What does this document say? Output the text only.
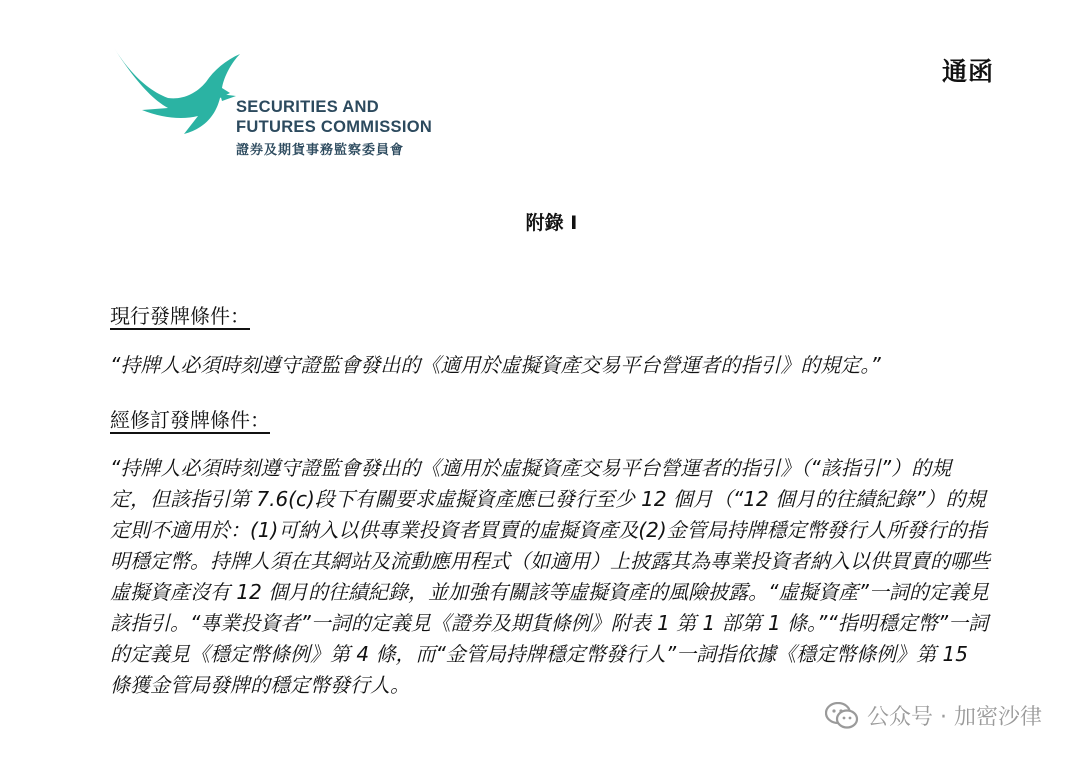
SECURITIES AND
FUTURES COMMISSION
證券及期貨事務監察委員會
通函
附錄 I
現行發牌條件：
“持牌人必須時刻遵守證監會發出的《適用於虛擬資產交易平台營運者的指引》的規定。”
經修訂發牌條件：
“持牌人必須時刻遵守證監會發出的《適用於虛擬資產交易平台營運者的指引》（“該指引”）的規定，但該指引第 7.6(c)段下有關要求虛擬資產應已發行至少 12 個月（“12 個月的往績紀錄”）的規定則不適用於：(1)可納入以供專業投資者買賣的虛擬資產及(2)金管局持牌穩定幣發行人所發行的指明穩定幣。持牌人須在其網站及流動應用程式（如適用）上披露其為專業投資者納入以供買賣的哪些虛擬資產沒有 12 個月的往績紀錄，並加強有關該等虛擬資產的風險披露。“虛擬資產”一詞的定義見該指引。“專業投資者”一詞的定義見《證券及期貨條例》附表 1 第 1 部第 1 條。”“指明穩定幣”一詞的定義見《穩定幣條例》第 4 條，而“金管局持牌穩定幣發行人”一詞指依據《穩定幣條例》第 15 條獲金管局發牌的穩定幣發行人。
公众号 · 加密沙律
